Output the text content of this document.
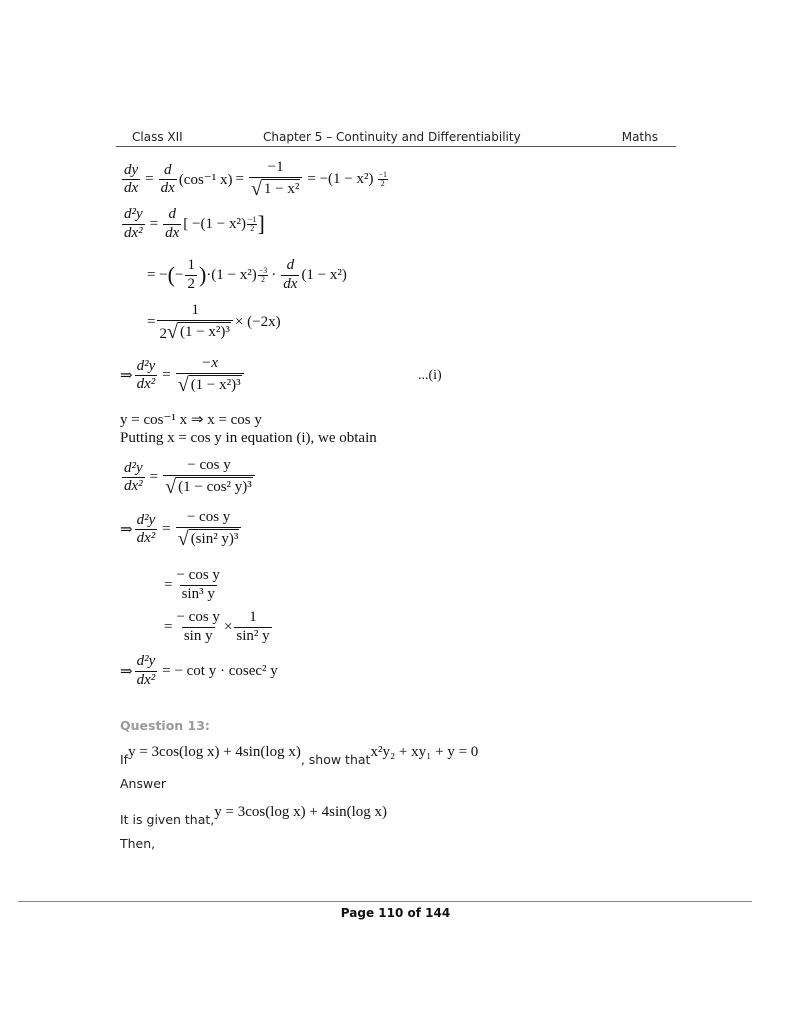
Class XII	Chapter 5 – Continuity and Differentiability	Maths
$\frac{dy}{dx} = \frac{d}{dx} (\cos^{-1}$ $x) = \frac{-1}{\text{√ 1 − x²}} = -(1 - x^2) -1$
2
$\frac{\text{d²y}}{\text{dx²}} = \frac{d}{dx}$ [ −(1 − x²) −1
2 ]
= − ( − $\frac{1}{2}$ ) ·(1 − x²) −3
$2 \cdot \frac{d}{dx} (1 - x^2)$
= $\frac{1}{\text{2 √ (1 − x²)³}} \times (-2x)$
⇒ $\frac{\text{d²y}}{\text{dx²}} = \frac{-x}{\text{√ (1 − x²)³}}$	...(i)
y = cos⁻¹ x ⇒ x = cos y
Putting x = cos y in equation (i), we obtain
$\frac{\text{d²y}}{\text{dx²}} = \frac{\text{− cos y}}{\text{√ (1 − cos² y)³}}$
⇒ $\frac{\text{d²y}}{\text{dx²}} = \frac{\text{− cos y}}{\text{√ (sin² y)³}}$
= $\frac{\text{− cos y}}{\text{sin³ y}}$
= $\frac{\text{− cos y}}{\text{sin y}} \times \frac{1}{\text{sin² y}}$
⇒ $\frac{\text{d²y}}{\text{dx²}}$ = − cot y · cosec² y
Question 13:
Ify = 3cos(log x) + 4sin(log x), show thatx²y₂ + xy₁ + y = 0
Answer
It is given that,y = 3cos(log x) + 4sin(log x)
Then,
Page 110 of 144
